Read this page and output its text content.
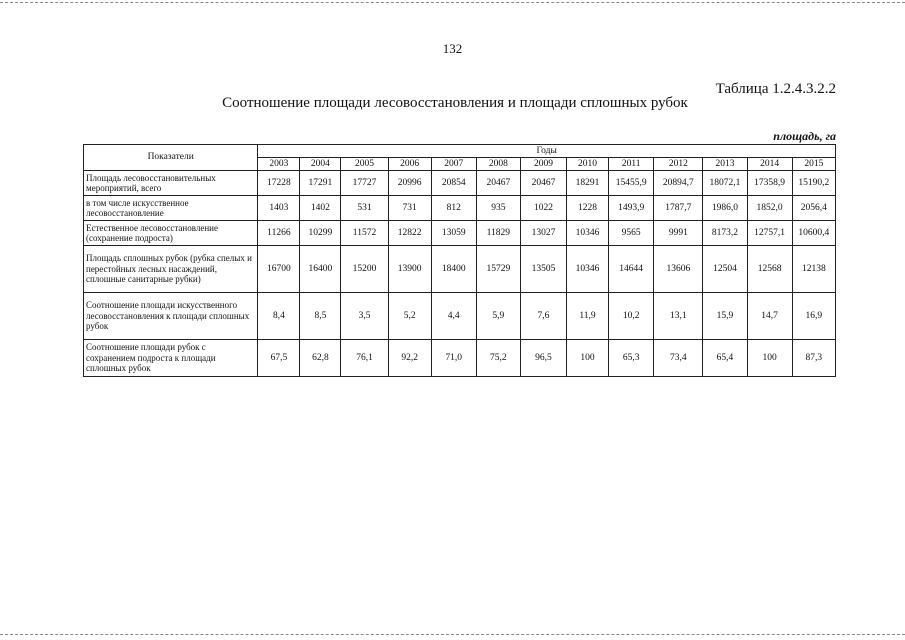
132
Таблица 1.2.4.3.2.2
Соотношение площади лесовосстановления и площади сплошных рубок
площадь, га
Показатели	Годы												
	2003	2004	2005	2006	2007	2008	2009	2010	2011	2012	2013	2014	2015
Площадь лесовосстановительных мероприятий, всего	17228	17291	17727	20996	20854	20467	20467	18291	15455,9	20894,7	18072,1	17358,9	15190,2
в том числе искусственное лесовосстановление	1403	1402	531	731	812	935	1022	1228	1493,9	1787,7	1986,0	1852,0	2056,4
Естественное лесовосстановление (сохранение подроста)	11266	10299	11572	12822	13059	11829	13027	10346	9565	9991	8173,2	12757,1	10600,4
Площадь сплошных рубок (рубка спелых и перестойных лесных насаждений, сплошные санитарные рубки)	16700	16400	15200	13900	18400	15729	13505	10346	14644	13606	12504	12568	12138
Соотношение площади искусственного лесовосстановления к площади сплошных рубок	8,4	8,5	3,5	5,2	4,4	5,9	7,6	11,9	10,2	13,1	15,9	14,7	16,9
Соотношение площади рубок с сохранением подроста к площади сплошных рубок	67,5	62,8	76,1	92,2	71,0	75,2	96,5	100	65,3	73,4	65,4	100	87,3
